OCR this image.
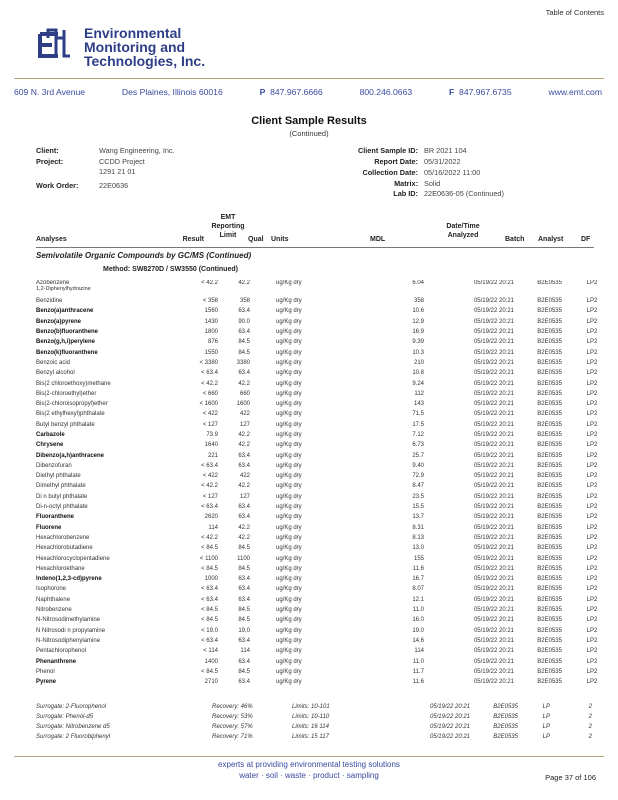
Table of Contents
Environmental
Monitoring and
Technologies, Inc.
609 N. 3rd Avenue	Des Plaines, Illinois 60016	P 847.967.6666	800.246.0663	F 847.967.6735	www.emt.com
Client Sample Results
(Continued)
Client:	Wang Engineering, Inc.
Project:	CCDD Project
1291 21 01
Work Order:	22E0636
Client Sample ID: BR 2021 104
Report Date: 05/31/2022
Collection Date: 05/16/2022 11:00
Matrix: Solid
Lab ID: 22E0636-05 (Continued)
Analyses	Result
EMT
Reporting
Limit
Qual Units	MDL
Date/Time
Analyzed
Batch Analyst	DF
Semivolatile Organic Compounds by GC/MS (Continued)
Method: SW8270D / SW3550 (Continued)
Azobenzene
1,2-Diphenylhydrazine	< 42.2	42.2		ug/Kg dry	6.04	05/19/22 20:21	B2E0535	LP	2
Benzidine	< 358	358		ug/Kg dry	358	05/19/22 20:21	B2E0535	LP	2
Benzo(a)anthracene	1560	63.4		ug/Kg dry	10.6	05/19/22 20:21	B2E0535	LP	2
Benzo(a)pyrene	1430	90.0		ug/Kg dry	12.9	05/19/22 20:21	B2E0535	LP	2
Benzo(b)fluoranthene	1800	63.4		ug/Kg dry	16.9	05/19/22 20:21	B2E0535	LP	2
Benzo(g,h,i)perylene	876	84.5		ug/Kg dry	9.39	05/19/22 20:21	B2E0535	LP	2
Benzo(k)fluoranthene	1550	84.5		ug/Kg dry	10.3	05/19/22 20:21	B2E0535	LP	2
Benzoic acid	< 3380	3380		ug/Kg dry	210	05/19/22 20:21	B2E0535	LP	2
Benzyl alcohol	< 63.4	63.4		ug/Kg dry	10.8	05/19/22 20:21	B2E0535	LP	2
Bis(2 chloroethoxy)methane	< 42.2	42.2		ug/Kg dry	9.24	05/19/22 20:21	B2E0535	LP	2
Bis(2-chloroethyl)ether	< 660	660		ug/Kg dry	112	05/19/22 20:21	B2E0535	LP	2
Bis(2-chloroisopropyl)ether	< 1600	1600		ug/Kg dry	143	05/19/22 20:21	B2E0535	LP	2
Bis(2 ethylhexyl)phthalate	< 422	422		ug/Kg dry	71.5	05/19/22 20:21	B2E0535	LP	2
Butyl benzyl phthalate	< 127	127		ug/Kg dry	17.5	05/19/22 20:21	B2E0535	LP	2
Carbazole	73.9	42.2		ug/Kg dry	7.12	05/19/22 20:21	B2E0535	LP	2
Chrysene	1640	42.2		ug/Kg dry	6.73	05/19/22 20:21	B2E0535	LP	2
Dibenzo(a,h)anthracene	221	63.4		ug/Kg dry	25.7	05/19/22 20:21	B2E0535	LP	2
Dibenzofuran	< 63.4	63.4		ug/Kg dry	9.40	05/19/22 20:21	B2E0535	LP	2
Diethyl phthalate	< 422	422		ug/Kg dry	72.9	05/19/22 20:21	B2E0535	LP	2
Dimethyl phthalate	< 42.2	42.2		ug/Kg dry	8.47	05/19/22 20:21	B2E0535	LP	2
Di n butyl phthalate	< 127	127		ug/Kg dry	23.5	05/19/22 20:21	B2E0535	LP	2
Di-n-octyl phthalate	< 63.4	63.4		ug/Kg dry	15.5	05/19/22 20:21	B2E0535	LP	2
Fluoranthene	2620	63.4		ug/Kg dry	13.7	05/19/22 20:21	B2E0535	LP	2
Fluorene	114	42.2		ug/Kg dry	8.31	05/19/22 20:21	B2E0535	LP	2
Hexachlorobenzene	< 42.2	42.2		ug/Kg dry	8.13	05/19/22 20:21	B2E0535	LP	2
Hexachlorobutadiene	< 84.5	84.5		ug/Kg dry	13.0	05/19/22 20:21	B2E0535	LP	2
Hexachlorocyclopentadiene	< 1100	1100		ug/Kg dry	155	05/19/22 20:21	B2E0535	LP	2
Hexachloroethane	< 84.5	84.5		ug/Kg dry	11.6	05/19/22 20:21	B2E0535	LP	2
Indeno(1,2,3-cd)pyrene	1000	63.4		ug/Kg dry	16.7	05/19/22 20:21	B2E0535	LP	2
Isophorone	< 63.4	63.4		ug/Kg dry	8.07	05/19/22 20:21	B2E0535	LP	2
Naphthalene	< 63.4	63.4		ug/Kg dry	12.1	05/19/22 20:21	B2E0535	LP	2
Nitrobenzene	< 84.5	84.5		ug/Kg dry	11.0	05/19/22 20:21	B2E0535	LP	2
N-Nitrosodimethylamine	< 84.5	84.5		ug/Kg dry	16.0	05/19/22 20:21	B2E0535	LP	2
N Nitrosodi n propylamine	< 19.0	19.0		ug/Kg dry	19.0	05/19/22 20:21	B2E0535	LP	2
N-Nitrosodiphenylamine	< 63.4	63.4		ug/Kg dry	14.6	05/19/22 20:21	B2E0535	LP	2
Pentachlorophenol	< 114	114		ug/Kg dry	114	05/19/22 20:21	B2E0535	LP	2
Phenanthrene	1400	63.4		ug/Kg dry	11.0	05/19/22 20:21	B2E0535	LP	2
Phenol	< 84.5	84.5		ug/Kg dry	11.7	05/19/22 20:21	B2E0535	LP	2
Pyrene	2710	63.4		ug/Kg dry	11.6	05/19/22 20:21	B2E0535	LP	2
Surrogate: 2-Fluorophenol	Recovery: 46%	Limits: 10-101	05/19/22 20:21	B2E0535	LP	2
Surrogate: Phenol-d5	Recovery: 53%	Limits: 10-110	05/19/22 20:21	B2E0535	LP	2
Surrogate: Nitrobenzene d5	Recovery: 57%	Limits: 16 114	05/19/22 20:21	B2E0535	LP	2
Surrogate: 2 Fluorobiphenyl	Recovery: 71%	Limits: 15 117	05/19/22 20:21	B2E0535	LP	2
experts at providing environmental testing solutions
water · soil · waste · product · sampling	Page 37 of 106
